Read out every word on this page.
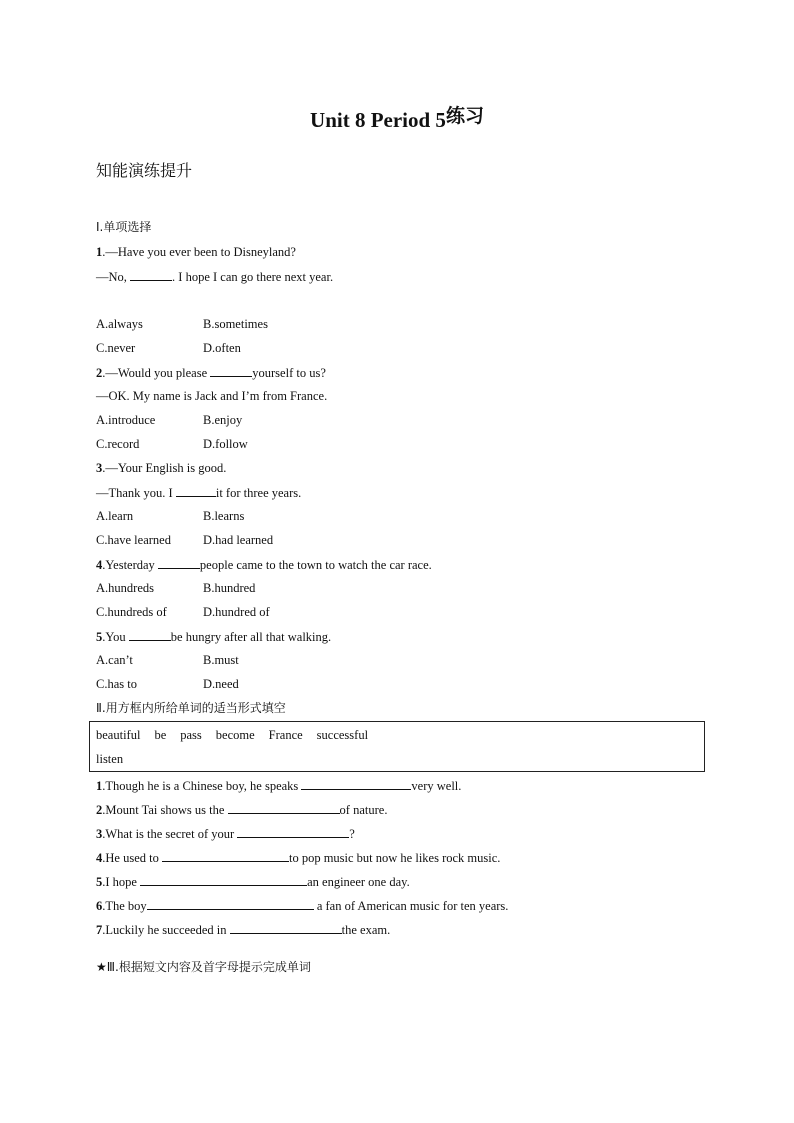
Unit 8 Period 5练习
知能演练提升
Ⅰ.单项选择
1.—Have you ever been to Disneyland?
—No,	. I hope I can go there next year.
A.always	B.sometimes
C.never	D.often
2.—Would you please	yourself to us?
—OK. My name is Jack and I’m from France.
A.introduce	B.enjoy
C.record	D.follow
3.—Your English is good.
—Thank you. I	it for three years.
A.learn	B.learns
C.have learned	D.had learned
4.Yesterday	people came to the town to watch the car race.
A.hundreds	B.hundred
C.hundreds of	D.hundred of
5.You	be hungry after all that walking.
A.can’t	B.must
C.has to	D.need
Ⅱ.用方框内所给单词的适当形式填空
beautiful be pass become France successful
listen
1.Though he is a Chinese boy, he speaks	very well.
2.Mount Tai shows us the	of nature.
3.What is the secret of your	?
4.He used to	to pop music but now he likes rock music.
5.I hope	an engineer one day.
6.The boy	a fan of American music for ten years.
7.Luckily he succeeded in	the exam.
★Ⅲ.根据短文内容及首字母提示完成单词
